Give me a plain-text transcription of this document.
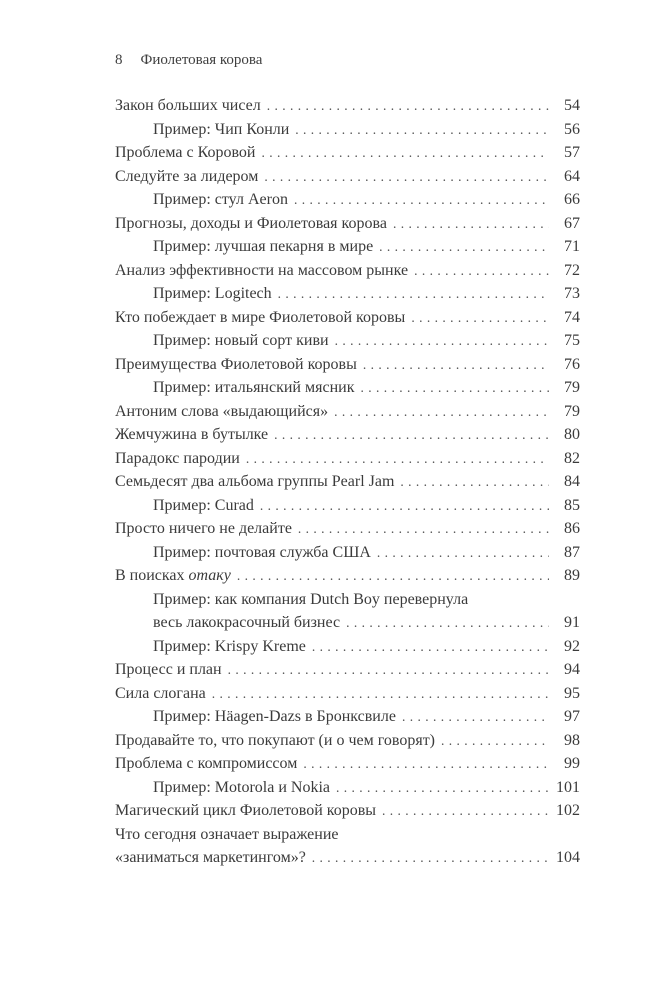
8 Фиолетовая корова
Закон больших чисел . . .	54
Пример: Чип Конли . . .	56
Проблема с Коровой . . .	57
Следуйте за лидером . . .	64
Пример: стул Aeron . . .	66
Прогнозы, доходы и Фиолетовая корова . . .	67
Пример: лучшая пекарня в мире . . .	71
Анализ эффективности на массовом рынке . . .	72
Пример: Logitech . . .	73
Кто побеждает в мире Фиолетовой коровы . . .	74
Пример: новый сорт киви . . .	75
Преимущества Фиолетовой коровы . . .	76
Пример: итальянский мясник . . .	79
Антоним слова «выдающийся» . . .	79
Жемчужина в бутылке . . .	80
Парадокс пародии . . .	82
Семьдесят два альбома группы Pearl Jam . . .	84
Пример: Curad . . .	85
Просто ничего не делайте . . .	86
Пример: почтовая служба США . . .	87
В поисках отаку . . .	89
Пример: как компания Dutch Boy перевернула
весь лакокрасочный бизнес . . .	91
Пример: Krispy Kreme . . .	92
Процесс и план . . .	94
Сила слогана . . .	95
Пример: Häagen-Dazs в Бронксвиле . . .	97
Продавайте то, что покупают (и о чем говорят) . . .	98
Проблема с компромиссом . . .	99
Пример: Motorola и Nokia . . .	101
Магический цикл Фиолетовой коровы . . .	102
Что сегодня означает выражение
«заниматься маркетингом»? . . .	104
